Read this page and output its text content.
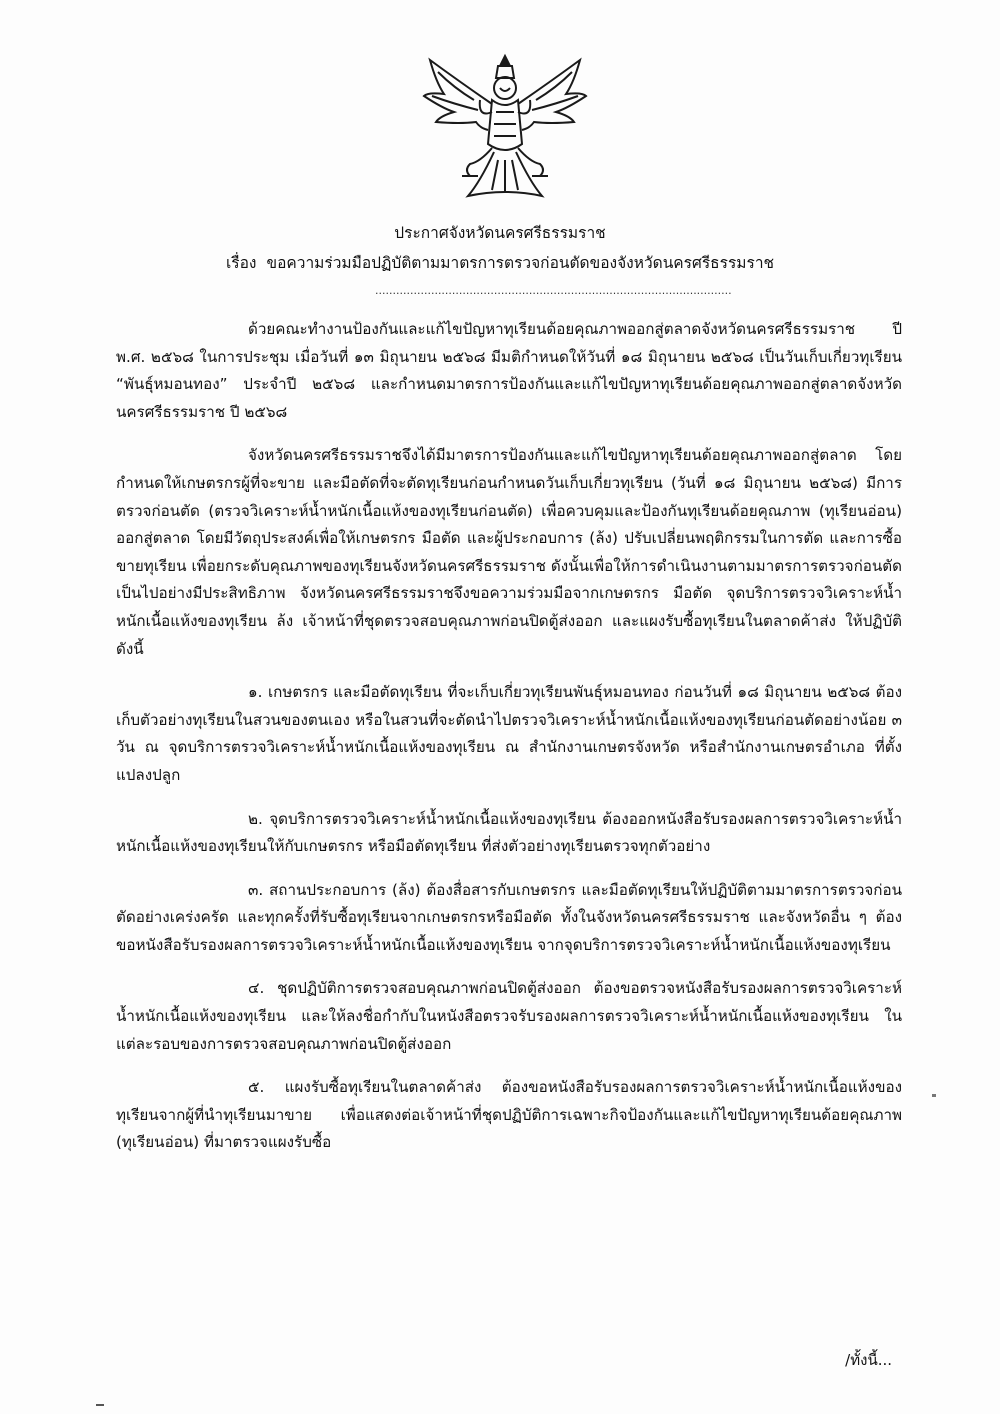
ประกาศจังหวัดนครศรีธรรมราช
เรื่อง ขอความร่วมมือปฏิบัติตามมาตรการตรวจก่อนตัดของจังหวัดนครศรีธรรมราช
......................................................................................................

ด้วยคณะทำงานป้องกันและแก้ไขปัญหาทุเรียนด้อยคุณภาพออกสู่ตลาดจังหวัดนครศรีธรรมราช ปี พ.ศ. ๒๕๖๘ ในการประชุม เมื่อวันที่ ๑๓ มิถุนายน ๒๕๖๘ มีมติกำหนดให้วันที่ ๑๘ มิถุนายน ๒๕๖๘ เป็นวันเก็บเกี่ยวทุเรียน “พันธุ์หมอนทอง” ประจำปี ๒๕๖๘ และกำหนดมาตรการป้องกันและแก้ไขปัญหาทุเรียนด้อยคุณภาพออกสู่ตลาดจังหวัดนครศรีธรรมราช ปี ๒๕๖๘

จังหวัดนครศรีธรรมราชจึงได้มีมาตรการป้องกันและแก้ไขปัญหาทุเรียนด้อยคุณภาพออกสู่ตลาด โดยกำหนดให้เกษตรกรผู้ที่จะขาย และมือตัดที่จะตัดทุเรียนก่อนกำหนดวันเก็บเกี่ยวทุเรียน (วันที่ ๑๘ มิถุนายน ๒๕๖๘) มีการตรวจก่อนตัด (ตรวจวิเคราะห์น้ำหนักเนื้อแห้งของทุเรียนก่อนตัด) เพื่อควบคุมและป้องกันทุเรียนด้อยคุณภาพ (ทุเรียนอ่อน) ออกสู่ตลาด โดยมีวัตถุประสงค์เพื่อให้เกษตรกร มือตัด และผู้ประกอบการ (ล้ง) ปรับเปลี่ยนพฤติกรรมในการตัด และการซื้อขายทุเรียน เพื่อยกระดับคุณภาพของทุเรียนจังหวัดนครศรีธรรมราช ดังนั้นเพื่อให้การดำเนินงานตามมาตรการตรวจก่อนตัด เป็นไปอย่างมีประสิทธิภาพ จังหวัดนครศรีธรรมราชจึงขอความร่วมมือจากเกษตรกร มือตัด จุดบริการตรวจวิเคราะห์น้ำหนักเนื้อแห้งของทุเรียน ล้ง เจ้าหน้าที่ชุดตรวจสอบคุณภาพก่อนปิดตู้ส่งออก และแผงรับซื้อทุเรียนในตลาดค้าส่ง ให้ปฏิบัติดังนี้

๑. เกษตรกร และมือตัดทุเรียน ที่จะเก็บเกี่ยวทุเรียนพันธุ์หมอนทอง ก่อนวันที่ ๑๘ มิถุนายน ๒๕๖๘ ต้องเก็บตัวอย่างทุเรียนในสวนของตนเอง หรือในสวนที่จะตัดนำไปตรวจวิเคราะห์น้ำหนักเนื้อแห้งของทุเรียนก่อนตัดอย่างน้อย ๓ วัน ณ จุดบริการตรวจวิเคราะห์น้ำหนักเนื้อแห้งของทุเรียน ณ สำนักงานเกษตรจังหวัด หรือสำนักงานเกษตรอำเภอ ที่ตั้งแปลงปลูก

๒. จุดบริการตรวจวิเคราะห์น้ำหนักเนื้อแห้งของทุเรียน ต้องออกหนังสือรับรองผลการตรวจวิเคราะห์น้ำหนักเนื้อแห้งของทุเรียนให้กับเกษตรกร หรือมือตัดทุเรียน ที่ส่งตัวอย่างทุเรียนตรวจทุกตัวอย่าง

๓. สถานประกอบการ (ล้ง) ต้องสื่อสารกับเกษตรกร และมือตัดทุเรียนให้ปฏิบัติตามมาตรการตรวจก่อนตัดอย่างเคร่งครัด และทุกครั้งที่รับซื้อทุเรียนจากเกษตรกรหรือมือตัด ทั้งในจังหวัดนครศรีธรรมราช และจังหวัดอื่น ๆ ต้องขอหนังสือรับรองผลการตรวจวิเคราะห์น้ำหนักเนื้อแห้งของทุเรียน จากจุดบริการตรวจวิเคราะห์น้ำหนักเนื้อแห้งของทุเรียน

๔. ชุดปฏิบัติการตรวจสอบคุณภาพก่อนปิดตู้ส่งออก ต้องขอตรวจหนังสือรับรองผลการตรวจวิเคราะห์น้ำหนักเนื้อแห้งของทุเรียน และให้ลงชื่อกำกับในหนังสือตรวจรับรองผลการตรวจวิเคราะห์น้ำหนักเนื้อแห้งของทุเรียน ในแต่ละรอบของการตรวจสอบคุณภาพก่อนปิดตู้ส่งออก

๕. แผงรับซื้อทุเรียนในตลาดค้าส่ง ต้องขอหนังสือรับรองผลการตรวจวิเคราะห์น้ำหนักเนื้อแห้งของทุเรียนจากผู้ที่นำทุเรียนมาขาย เพื่อแสดงต่อเจ้าหน้าที่ชุดปฏิบัติการเฉพาะกิจป้องกันและแก้ไขปัญหาทุเรียนด้อยคุณภาพ (ทุเรียนอ่อน) ที่มาตรวจแผงรับซื้อ

/ทั้งนี้...
